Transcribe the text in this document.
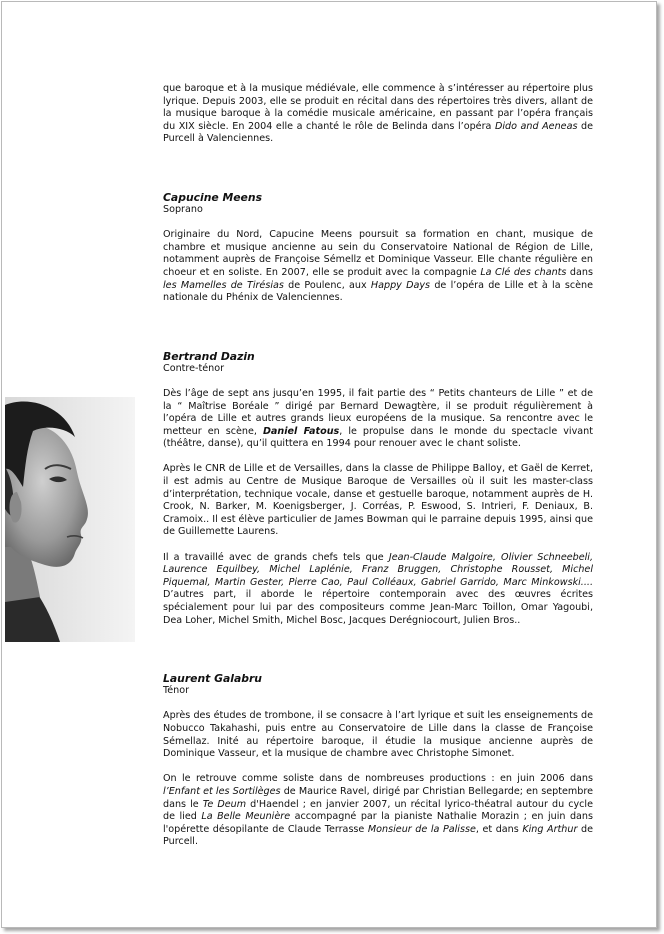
que baroque et à la musique médiévale, elle commence à s’intéresser au répertoire plus lyrique. Depuis 2003, elle se produit en récital dans des répertoires très divers, allant de la musique baroque à la comédie musicale américaine, en passant par l’opéra français du XIX siècle. En 2004 elle a chanté le rôle de Belinda dans l’opéra Dido and Aeneas de Purcell à Valenciennes.

Capucine Meens

Soprano

Originaire du Nord, Capucine Meens poursuit sa formation en chant, musique de chambre et musique ancienne au sein du Conservatoire National de Région de Lille, notamment auprès de Françoise Sémellz et Dominique Vasseur. Elle chante régulière en choeur et en soliste. En 2007, elle se produit avec la compagnie La Clé des chants dans les Mamelles de Tirésias de Poulenc, aux Happy Days de l’opéra de Lille et à la scène nationale du Phénix de Valenciennes.

Bertrand Dazin

Contre-ténor

Dès l’âge de sept ans jusqu’en 1995, il fait partie des “ Petits chanteurs de Lille ” et de la “ Maîtrise Boréale ” dirigé par Bernard Dewagtère, il se produit régulièrement à l’opéra de Lille et autres grands lieux européens de la musique. Sa rencontre avec le metteur en scène, Daniel Fatous, le propulse dans le monde du spectacle vivant (théâtre, danse), qu’il quittera en 1994 pour renouer avec le chant soliste.

Après le CNR de Lille et de Versailles, dans la classe de Philippe Balloy, et Gaël de Kerret, il est admis au Centre de Musique Baroque de Versailles où il suit les master-class d’interprétation, technique vocale, danse et gestuelle baroque, notamment auprès de H. Crook, N. Barker, M. Koenigsberger, J. Corréas, P. Eswood, S. Intrieri, F. Deniaux, B. Cramoix.. Il est élève particulier de James Bowman qui le parraine depuis 1995, ainsi que de Guillemette Laurens.

Il a travaillé avec de grands chefs tels que Jean-Claude Malgoire, Olivier Schneebeli, Laurence Equilbey, Michel Laplénie, Franz Bruggen, Christophe Rousset, Michel Piquemal, Martin Gester, Pierre Cao, Paul Colléaux, Gabriel Garrido, Marc Minkowski.... D’autres part, il aborde le répertoire contemporain avec des œuvres écrites spécialement pour lui par des compositeurs comme Jean-Marc Toillon, Omar Yagoubi, Dea Loher, Michel Smith, Michel Bosc, Jacques Derégniocourt, Julien Bros..

Laurent Galabru

Ténor

Après des études de trombone, il se consacre à l’art lyrique et suit les enseignements de Nobucco Takahashi, puis entre au Conservatoire de Lille dans la classe de Françoise Sémellaz. Inité au répertoire baroque, il étudie la musique ancienne auprès de Dominique Vasseur, et la musique de chambre avec Christophe Simonet.

On le retrouve comme soliste dans de nombreuses productions : en juin 2006 dans l’Enfant et les Sortilèges de Maurice Ravel, dirigé par Christian Bellegarde; en septembre dans le Te Deum d'Haendel ; en janvier 2007, un récital lyrico-théatral autour du cycle de lied La Belle Meunière accompagné par la pianiste Nathalie Morazin ; en juin dans l'opérette désopilante de Claude Terrasse Monsieur de la Palisse, et dans King Arthur de Purcell.
